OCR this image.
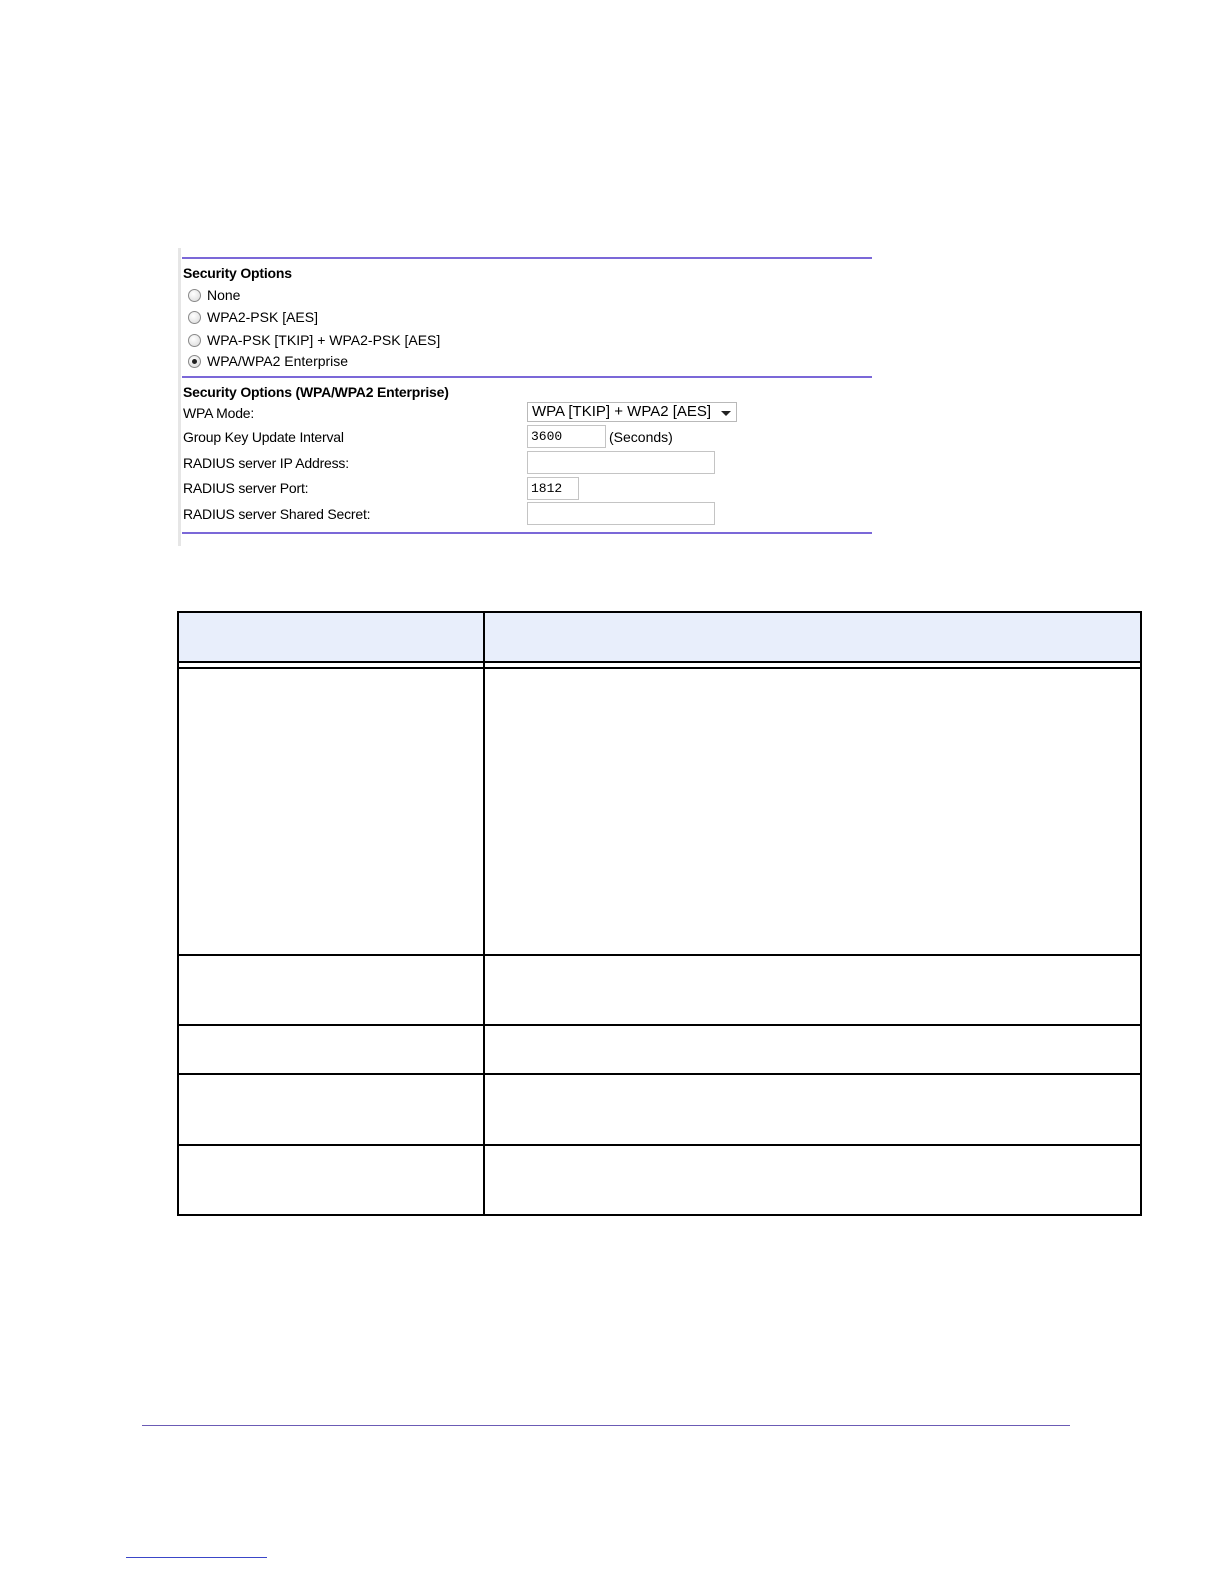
Security Options
None
WPA2-PSK [AES]
WPA-PSK [TKIP] + WPA2-PSK [AES]
WPA/WPA2 Enterprise
Security Options (WPA/WPA2 Enterprise)
WPA Mode:	WPA [TKIP] + WPA2 [AES]
Group Key Update Interval	3600	(Seconds)
RADIUS server IP Address:
RADIUS server Port:	1812
RADIUS server Shared Secret:
